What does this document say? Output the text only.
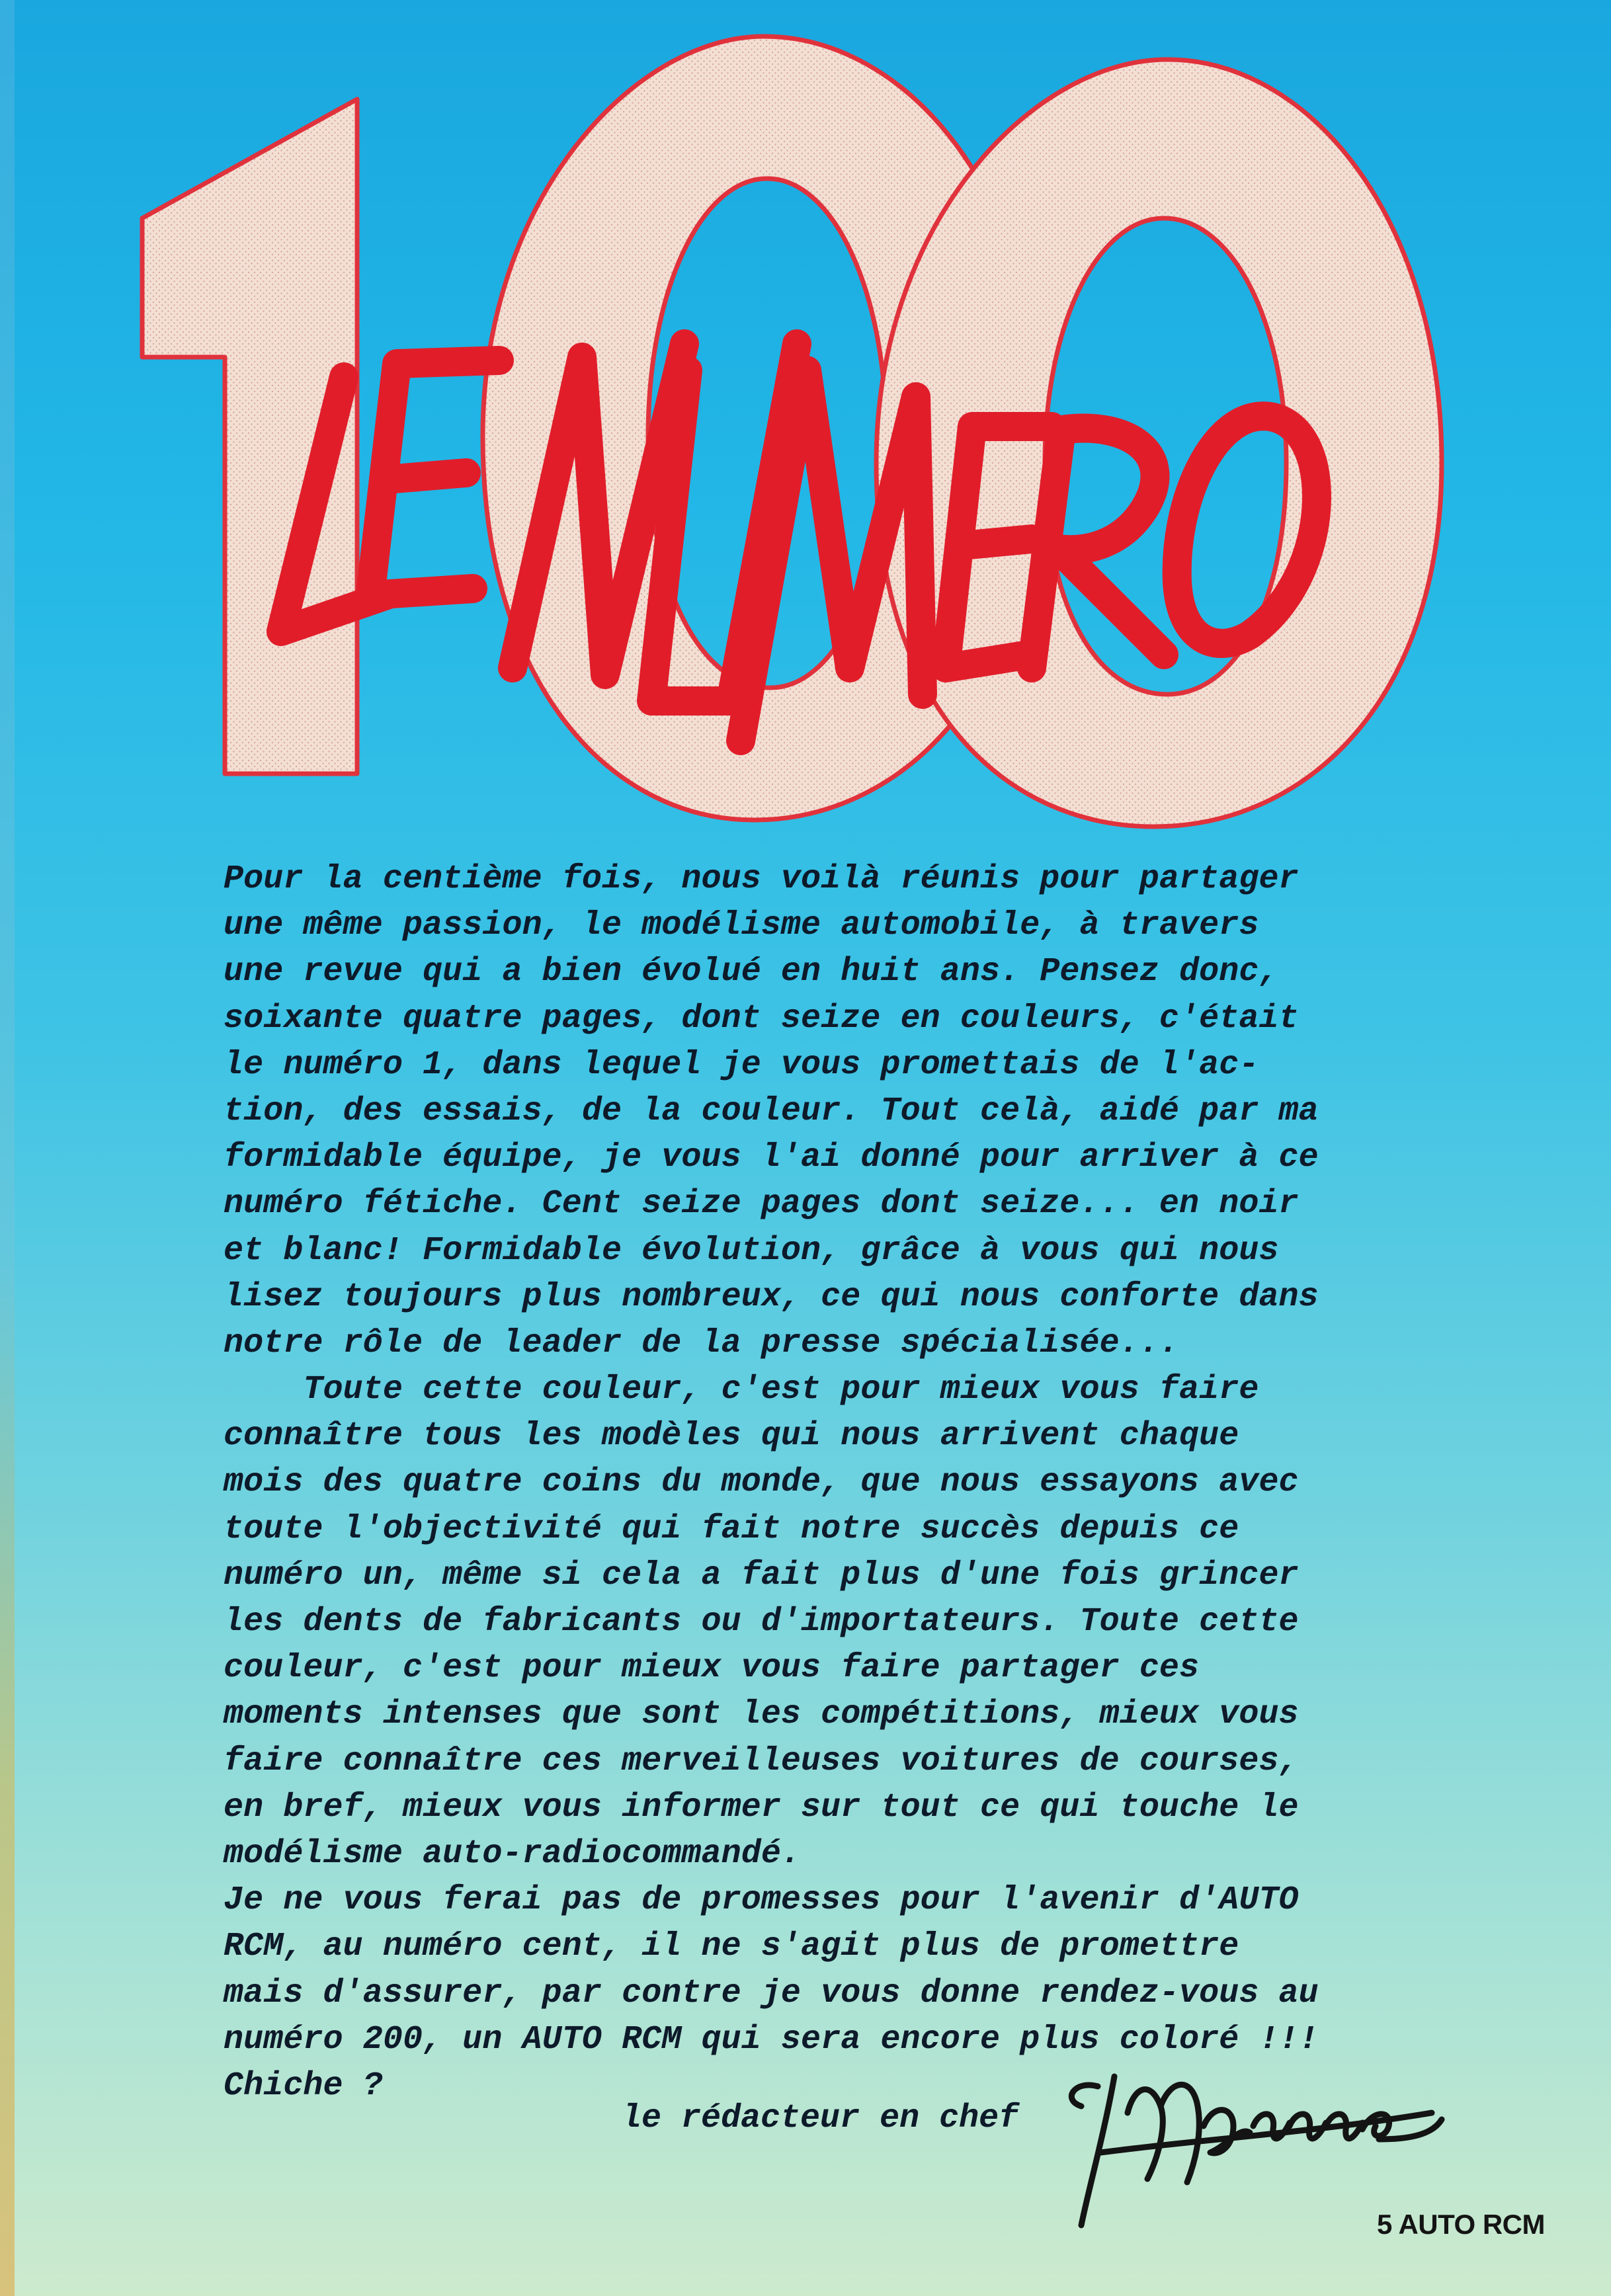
Pour la centième fois, nous voilà réunis pour partager
une même passion, le modélisme automobile, à travers
une revue qui a bien évolué en huit ans. Pensez donc,
soixante quatre pages, dont seize en couleurs, c'était
le numéro 1, dans lequel je vous promettais de l'ac-
tion, des essais, de la couleur. Tout celà, aidé par ma
formidable équipe, je vous l'ai donné pour arriver à ce
numéro fétiche. Cent seize pages dont seize... en noir
et blanc! Formidable évolution, grâce à vous qui nous
lisez toujours plus nombreux, ce qui nous conforte dans
notre rôle de leader de la presse spécialisée...
Toute cette couleur, c'est pour mieux vous faire
connaître tous les modèles qui nous arrivent chaque
mois des quatre coins du monde, que nous essayons avec
toute l'objectivité qui fait notre succès depuis ce
numéro un, même si cela a fait plus d'une fois grincer
les dents de fabricants ou d'importateurs. Toute cette
couleur, c'est pour mieux vous faire partager ces
moments intenses que sont les compétitions, mieux vous
faire connaître ces merveilleuses voitures de courses,
en bref, mieux vous informer sur tout ce qui touche le
modélisme auto-radiocommandé.
Je ne vous ferai pas de promesses pour l'avenir d'AUTO
RCM, au numéro cent, il ne s'agit plus de promettre
mais d'assurer, par contre je vous donne rendez-vous au
numéro 200, un AUTO RCM qui sera encore plus coloré !!!
Chiche ?
le rédacteur en chef
5 AUTO RCM
